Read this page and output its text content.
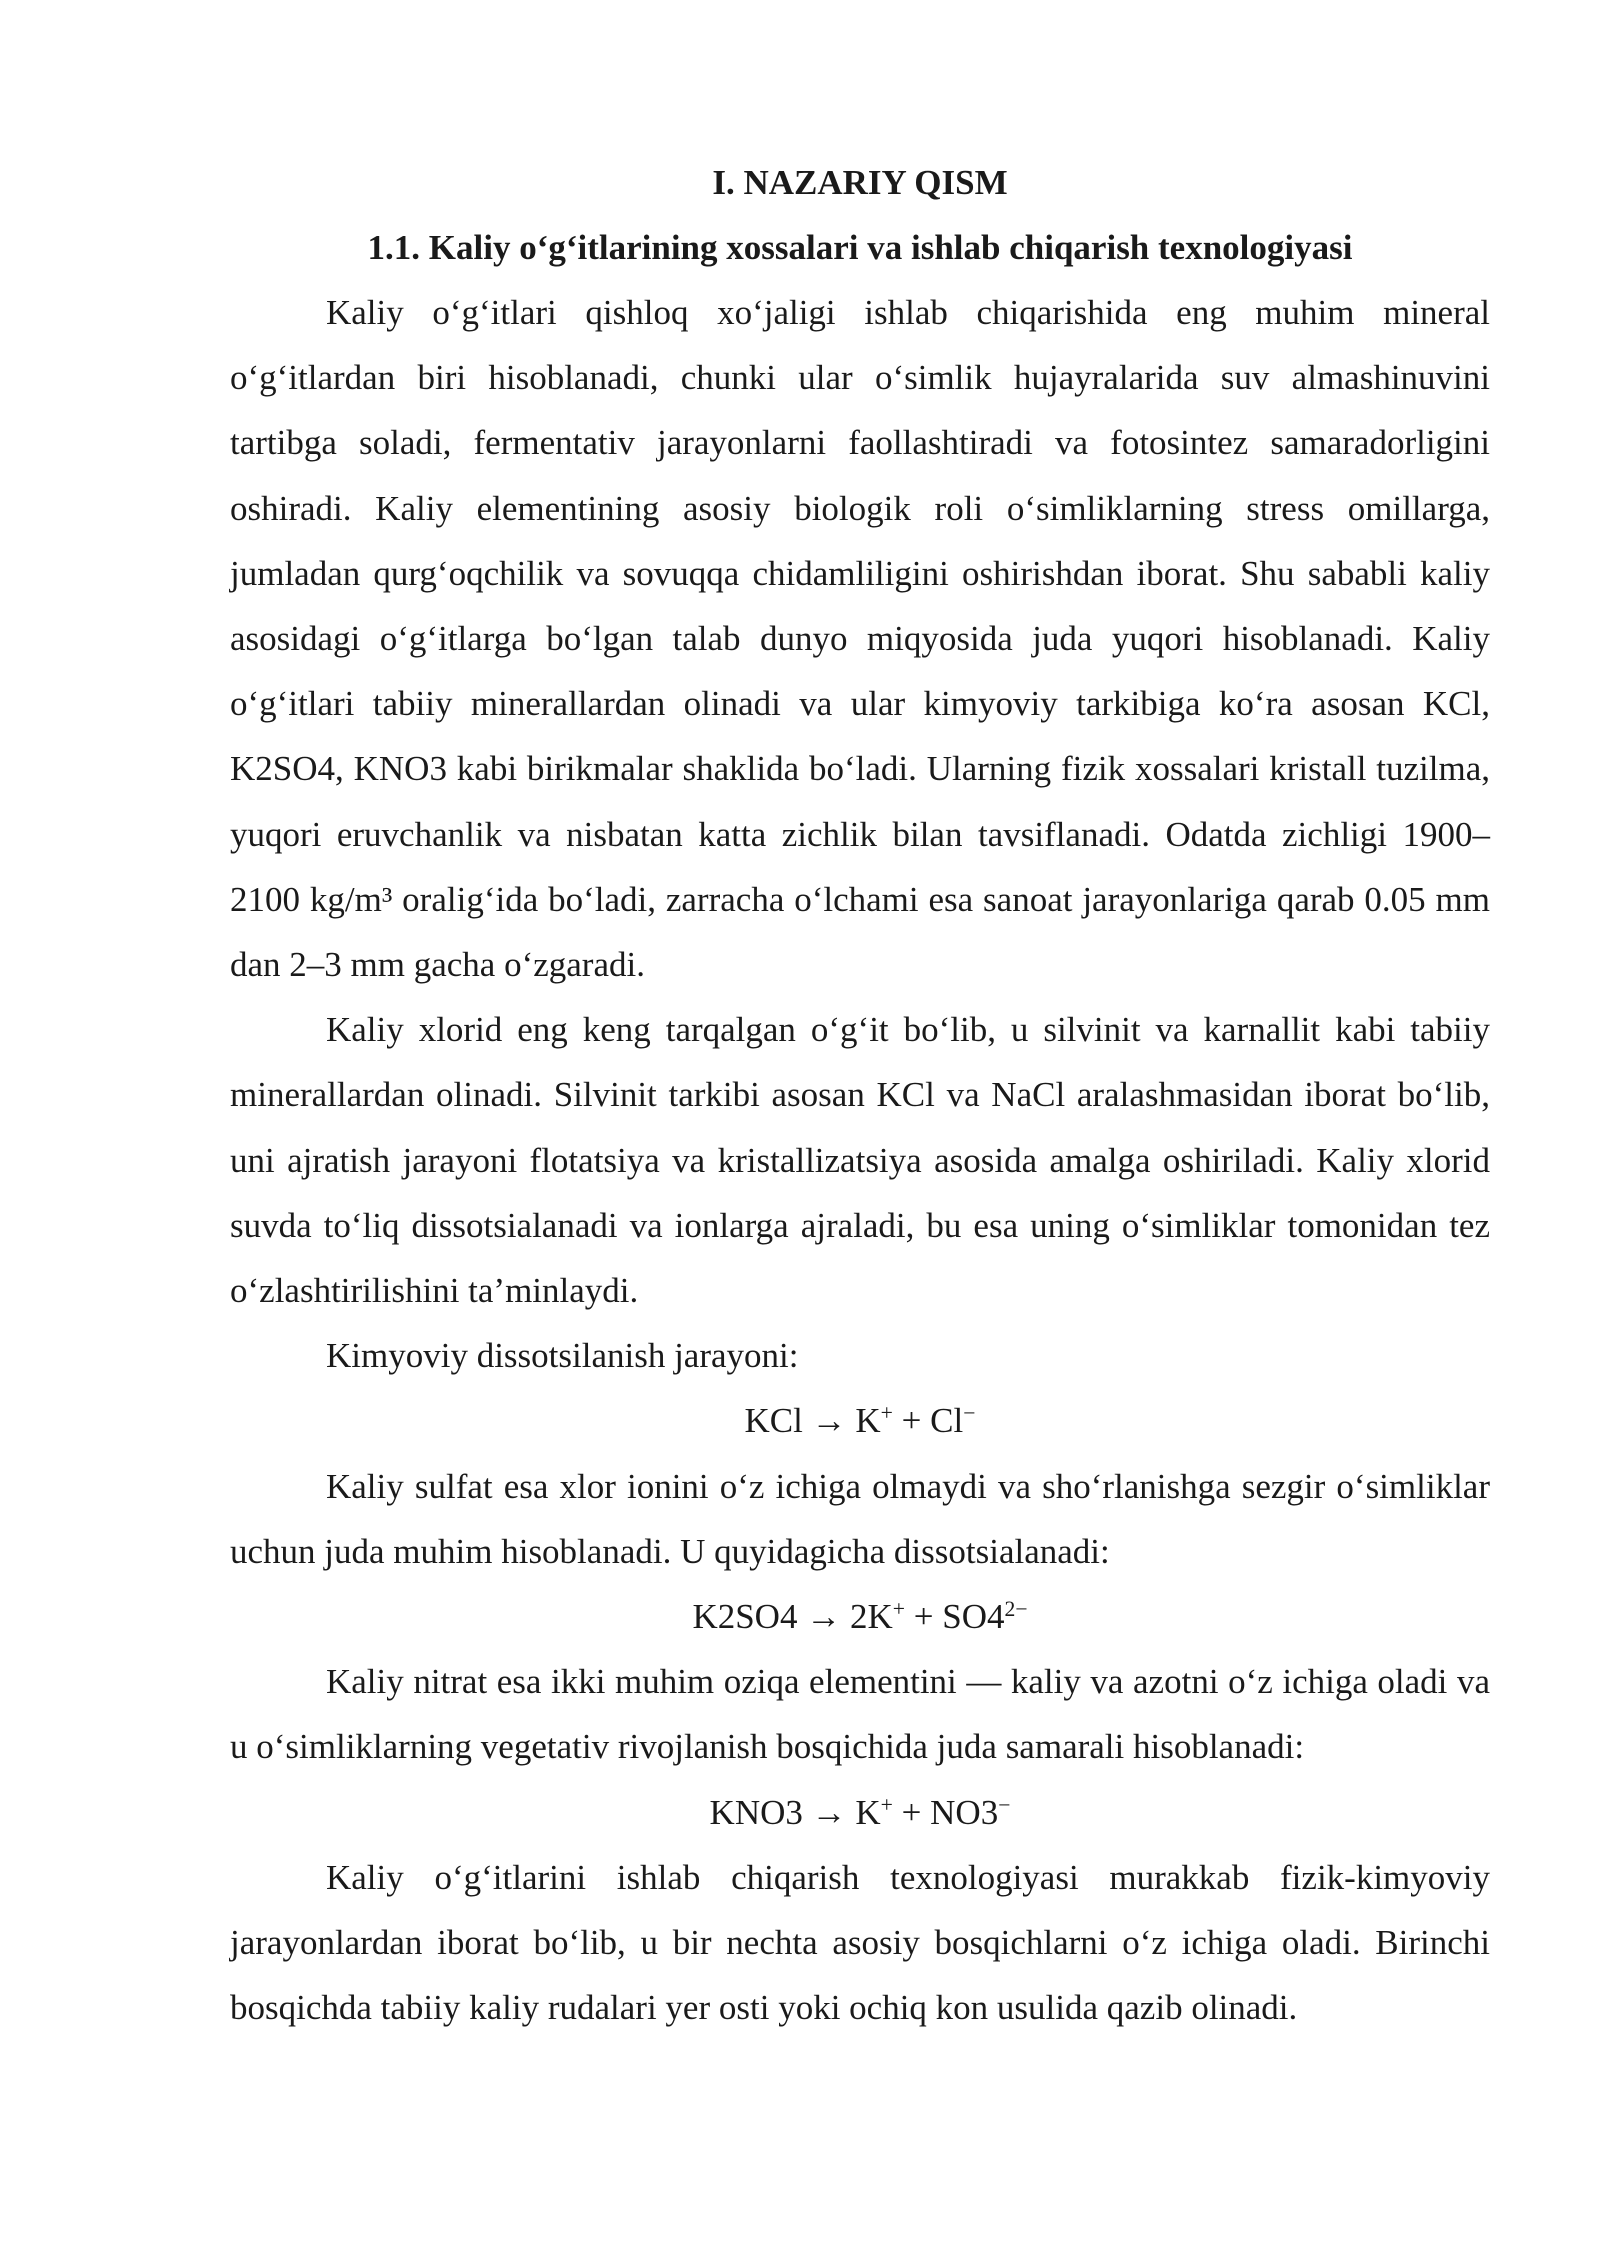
I. NAZARIY QISM
1.1. Kaliy o‘g‘itlarining xossalari va ishlab chiqarish texnologiyasi

Kaliy o‘g‘itlari qishloq xo‘jaligi ishlab chiqarishida eng muhim mineral o‘g‘itlardan biri hisoblanadi, chunki ular o‘simlik hujayralarida suv almashinuvini tartibga soladi, fermentativ jarayonlarni faollashtiradi va fotosintez samaradorligini oshiradi. Kaliy elementining asosiy biologik roli o‘simliklarning stress omillarga, jumladan qurg‘oqchilik va sovuqqa chidamliligini oshirishdan iborat. Shu sababli kaliy asosidagi o‘g‘itlarga bo‘lgan talab dunyo miqyosida juda yuqori hisoblanadi. Kaliy o‘g‘itlari tabiiy minerallardan olinadi va ular kimyoviy tarkibiga ko‘ra asosan KCl, K2SO4, KNO3 kabi birikmalar shaklida bo‘ladi. Ularning fizik xossalari kristall tuzilma, yuqori eruvchanlik va nisbatan katta zichlik bilan tavsiflanadi. Odatda zichligi 1900–2100 kg/m³ oralig‘ida bo‘ladi, zarracha o‘lchami esa sanoat jarayonlariga qarab 0.05 mm dan 2–3 mm gacha o‘zgaradi.

Kaliy xlorid eng keng tarqalgan o‘g‘it bo‘lib, u silvinit va karnallit kabi tabiiy minerallardan olinadi. Silvinit tarkibi asosan KCl va NaCl aralashmasidan iborat bo‘lib, uni ajratish jarayoni flotatsiya va kristallizatsiya asosida amalga oshiriladi. Kaliy xlorid suvda to‘liq dissotsialanadi va ionlarga ajraladi, bu esa uning o‘simliklar tomonidan tez o‘zlashtirilishini ta’minlaydi.

Kimyoviy dissotsilanish jarayoni:

KCl → K+ + Cl−

Kaliy sulfat esa xlor ionini o‘z ichiga olmaydi va sho‘rlanishga sezgir o‘simliklar uchun juda muhim hisoblanadi. U quyidagicha dissotsialanadi:

$K2SO4 \to 2K^+ + SO4^{2-}$

Kaliy nitrat esa ikki muhim oziqa elementini — kaliy va azotni o‘z ichiga oladi va u o‘simliklarning vegetativ rivojlanish bosqichida juda samarali hisoblanadi:

KNO3 → K+ + NO3−

Kaliy o‘g‘itlarini ishlab chiqarish texnologiyasi murakkab fizik-kimyoviy jarayonlardan iborat bo‘lib, u bir nechta asosiy bosqichlarni o‘z ichiga oladi. Birinchi bosqichda tabiiy kaliy rudalari yer osti yoki ochiq kon usulida qazib olinadi.
